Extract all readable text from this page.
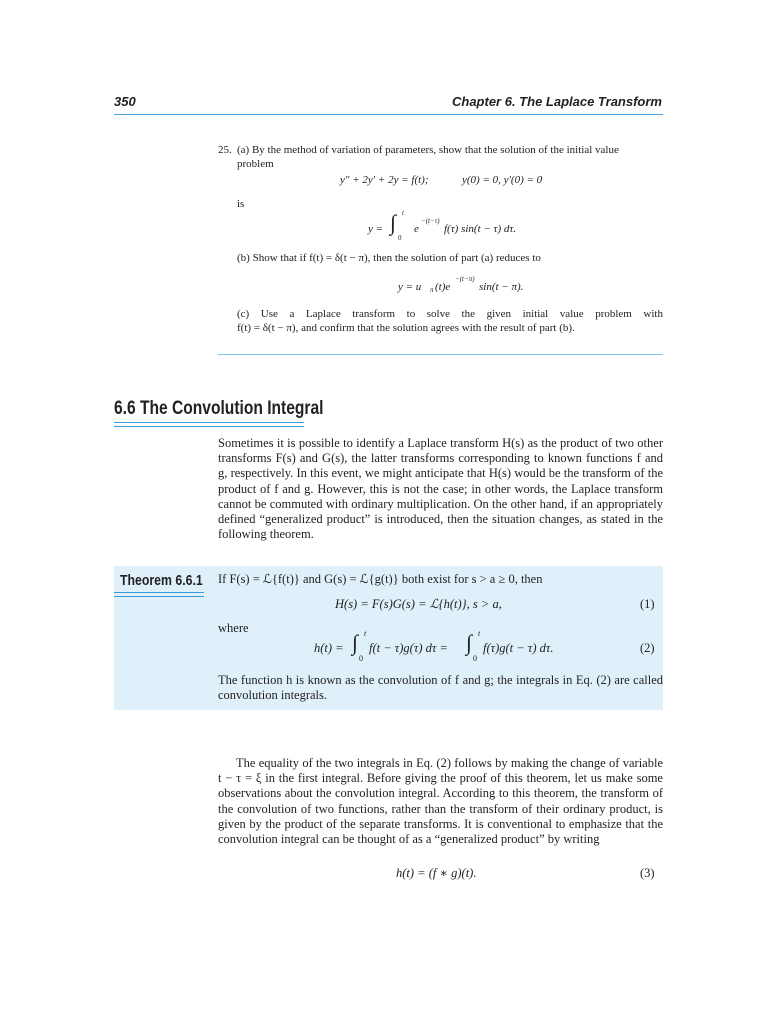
350	Chapter 6. The Laplace Transform
25. (a) By the method of variation of parameters, show that the solution of the initial value
problem
y″ + 2y′ + 2y = f(t);	y(0) = 0, y′(0) = 0
is
y = ∫ t
0
e
−(t−τ)
f(τ) sin(t − τ) dτ.
(b) Show that if f(t) = δ(t − π), then the solution of part (a) reduces to
y = u π (t)e
−(t−π)
sin(t − π).
(c) Use a Laplace transform to solve the given initial value problem with
f(t) = δ(t − π), and confirm that the solution agrees with the result of part (b).
6.6 The Convolution Integral
Sometimes it is possible to identify a Laplace transform H(s) as the product of two other transforms F(s) and G(s), the latter transforms corresponding to known functions f and g, respectively. In this event, we might anticipate that H(s) would be the transform of the product of f and g. However, this is not the case; in other words, the Laplace transform cannot be commuted with ordinary multiplication. On the other hand, if an appropriately defined “generalized product” is introduced, then the situation changes, as stated in the following theorem.
Theorem 6.6.1 If F(s) = ℒ{f(t)} and G(s) = ℒ{g(t)} both exist for s > a ≥ 0, then
H(s) = F(s)G(s) = ℒ{h(t)}, s > a,	(1)
where
h(t) = ∫ t
0
f(t − τ)g(τ) dτ = ∫ t
0
f(τ)g(t − τ) dτ.	(2)
The function h is known as the convolution of f and g; the integrals in Eq. (2) are called convolution integrals.
The equality of the two integrals in Eq. (2) follows by making the change of variable t − τ = ξ in the first integral. Before giving the proof of this theorem, let us make some observations about the convolution integral. According to this theorem, the transform of the convolution of two functions, rather than the transform of their ordinary product, is given by the product of the separate transforms. It is conventional to emphasize that the convolution integral can be thought of as a “generalized product” by writing
h(t) = (f ∗ g)(t).	(3)
